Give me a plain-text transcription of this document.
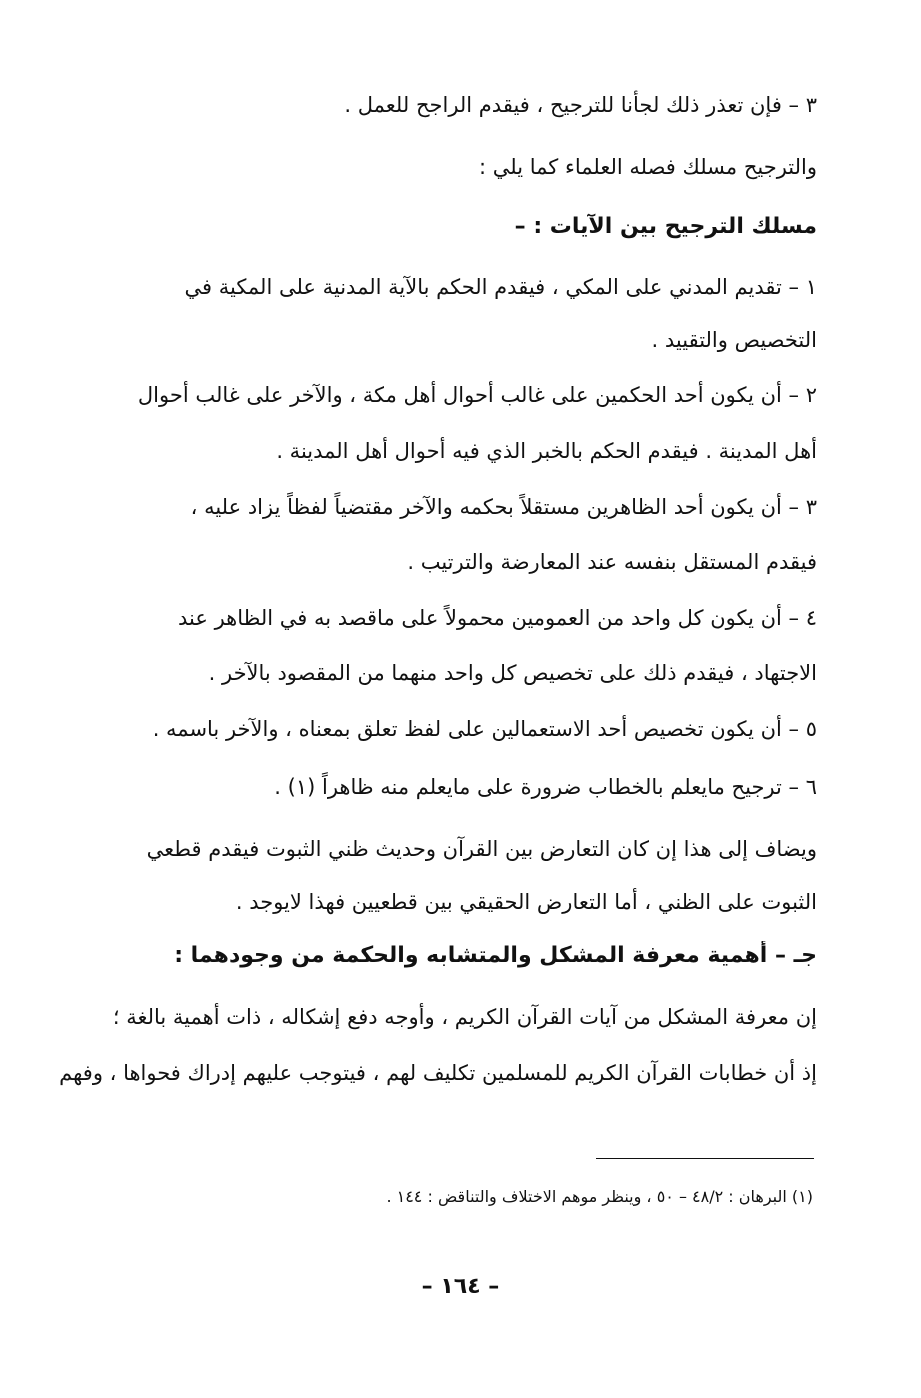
٣ – فإن تعذر ذلك لجأنا للترجيح ، فيقدم الراجح للعمل .
والترجيح مسلك فصله العلماء كما يلي :
مسلك الترجيح بين الآيات : –
١ – تقديم المدني على المكي ، فيقدم الحكم بالآية المدنية على المكية في
التخصيص والتقييد .
٢ – أن يكون أحد الحكمين على غالب أحوال أهل مكة ، والآخر على غالب أحوال
أهل المدينة . فيقدم الحكم بالخبر الذي فيه أحوال أهل المدينة .
٣ – أن يكون أحد الظاهرين مستقلاً بحكمه والآخر مقتضياً لفظاً يزاد عليه ،
فيقدم المستقل بنفسه عند المعارضة والترتيب .
٤ – أن يكون كل واحد من العمومين محمولاً على ماقصد به في الظاهر عند
الاجتهاد ، فيقدم ذلك على تخصيص كل واحد منهما من المقصود بالآخر .
٥ – أن يكون تخصيص أحد الاستعمالين على لفظ تعلق بمعناه ، والآخر باسمه .
٦ – ترجيح مايعلم بالخطاب ضرورة على مايعلم منه ظاهراً (١) .
ويضاف إلى هذا إن كان التعارض بين القرآن وحديث ظني الثبوت فيقدم قطعي
الثبوت على الظني ، أما التعارض الحقيقي بين قطعيين فهذا لايوجد .
جـ – أهمية معرفة المشكل والمتشابه والحكمة من وجودهما :
إن معرفة المشكل من آيات القرآن الكريم ، وأوجه دفع إشكاله ، ذات أهمية بالغة ؛
إذ أن خطابات القرآن الكريم للمسلمين تكليف لهم ، فيتوجب عليهم إدراك فحواها ، وفهم
(١) البرهان : ٤٨/٢ – ٥٠ ، وينظر موهم الاختلاف والتناقض : ١٤٤ .
– ١٦٤ –
